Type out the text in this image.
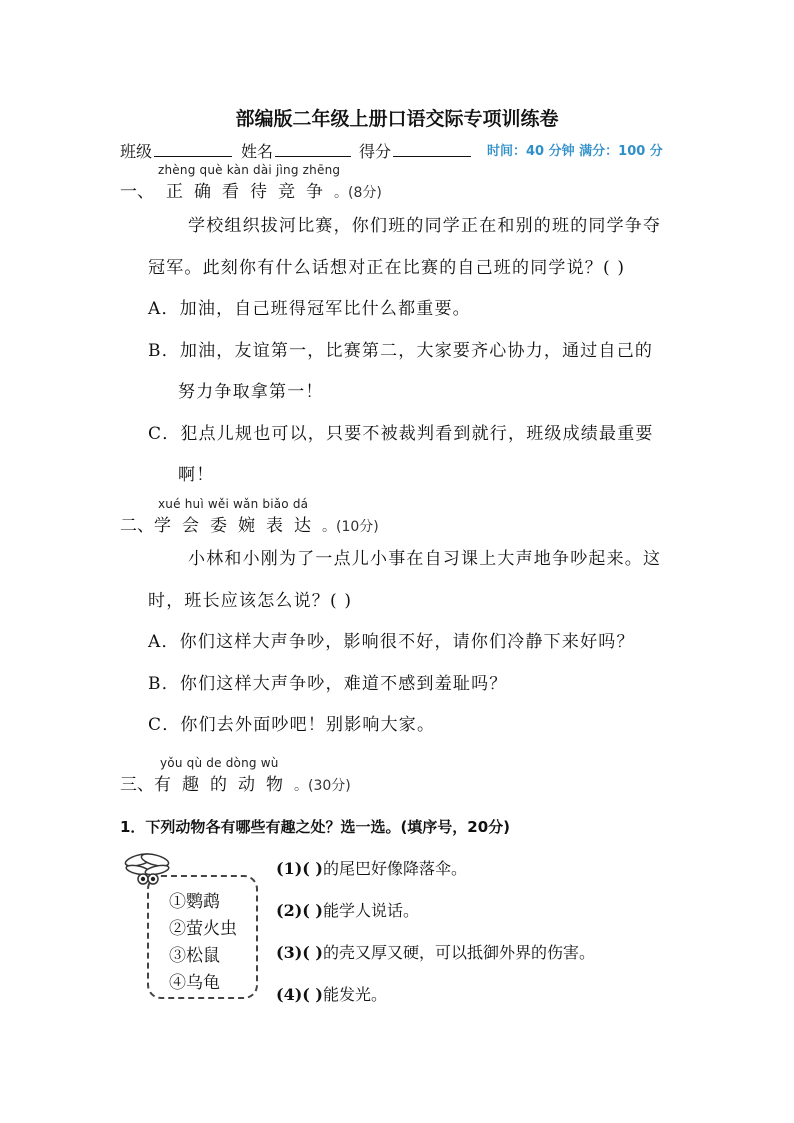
部编版二年级上册口语交际专项训练卷
班级	姓名	得分	时间：40 分钟 满分：100 分
zhèng què kàn dài jìng zhēng
一、 正确看待竞争。(8分)
学校组织拔河比赛，你们班的同学正在和别的班的同学争夺
冠军。此刻你有什么话想对正在比赛的自己班的同学说？( )
A．加油，自己班得冠军比什么都重要。
B．加油，友谊第一，比赛第二，大家要齐心协力，通过自己的
努力争取拿第一！
C．犯点儿规也可以，只要不被裁判看到就行，班级成绩最重要
啊！
xué huì wěi wǎn biǎo dá
二、学会委婉表达。(10分)
小林和小刚为了一点儿小事在自习课上大声地争吵起来。这
时，班长应该怎么说？( )
A．你们这样大声争吵，影响很不好，请你们冷静下来好吗？
B．你们这样大声争吵，难道不感到羞耻吗？
C．你们去外面吵吧！别影响大家。
yǒu qù de dòng wù
三、有趣的动物。(30分)
1．下列动物各有哪些有趣之处？选一选。(填序号，20分)
①鹦鹉
②萤火虫
③松鼠
④乌龟
(1)( )的尾巴好像降落伞。
(2)( )能学人说话。
(3)( )的壳又厚又硬，可以抵御外界的伤害。
(4)( )能发光。
